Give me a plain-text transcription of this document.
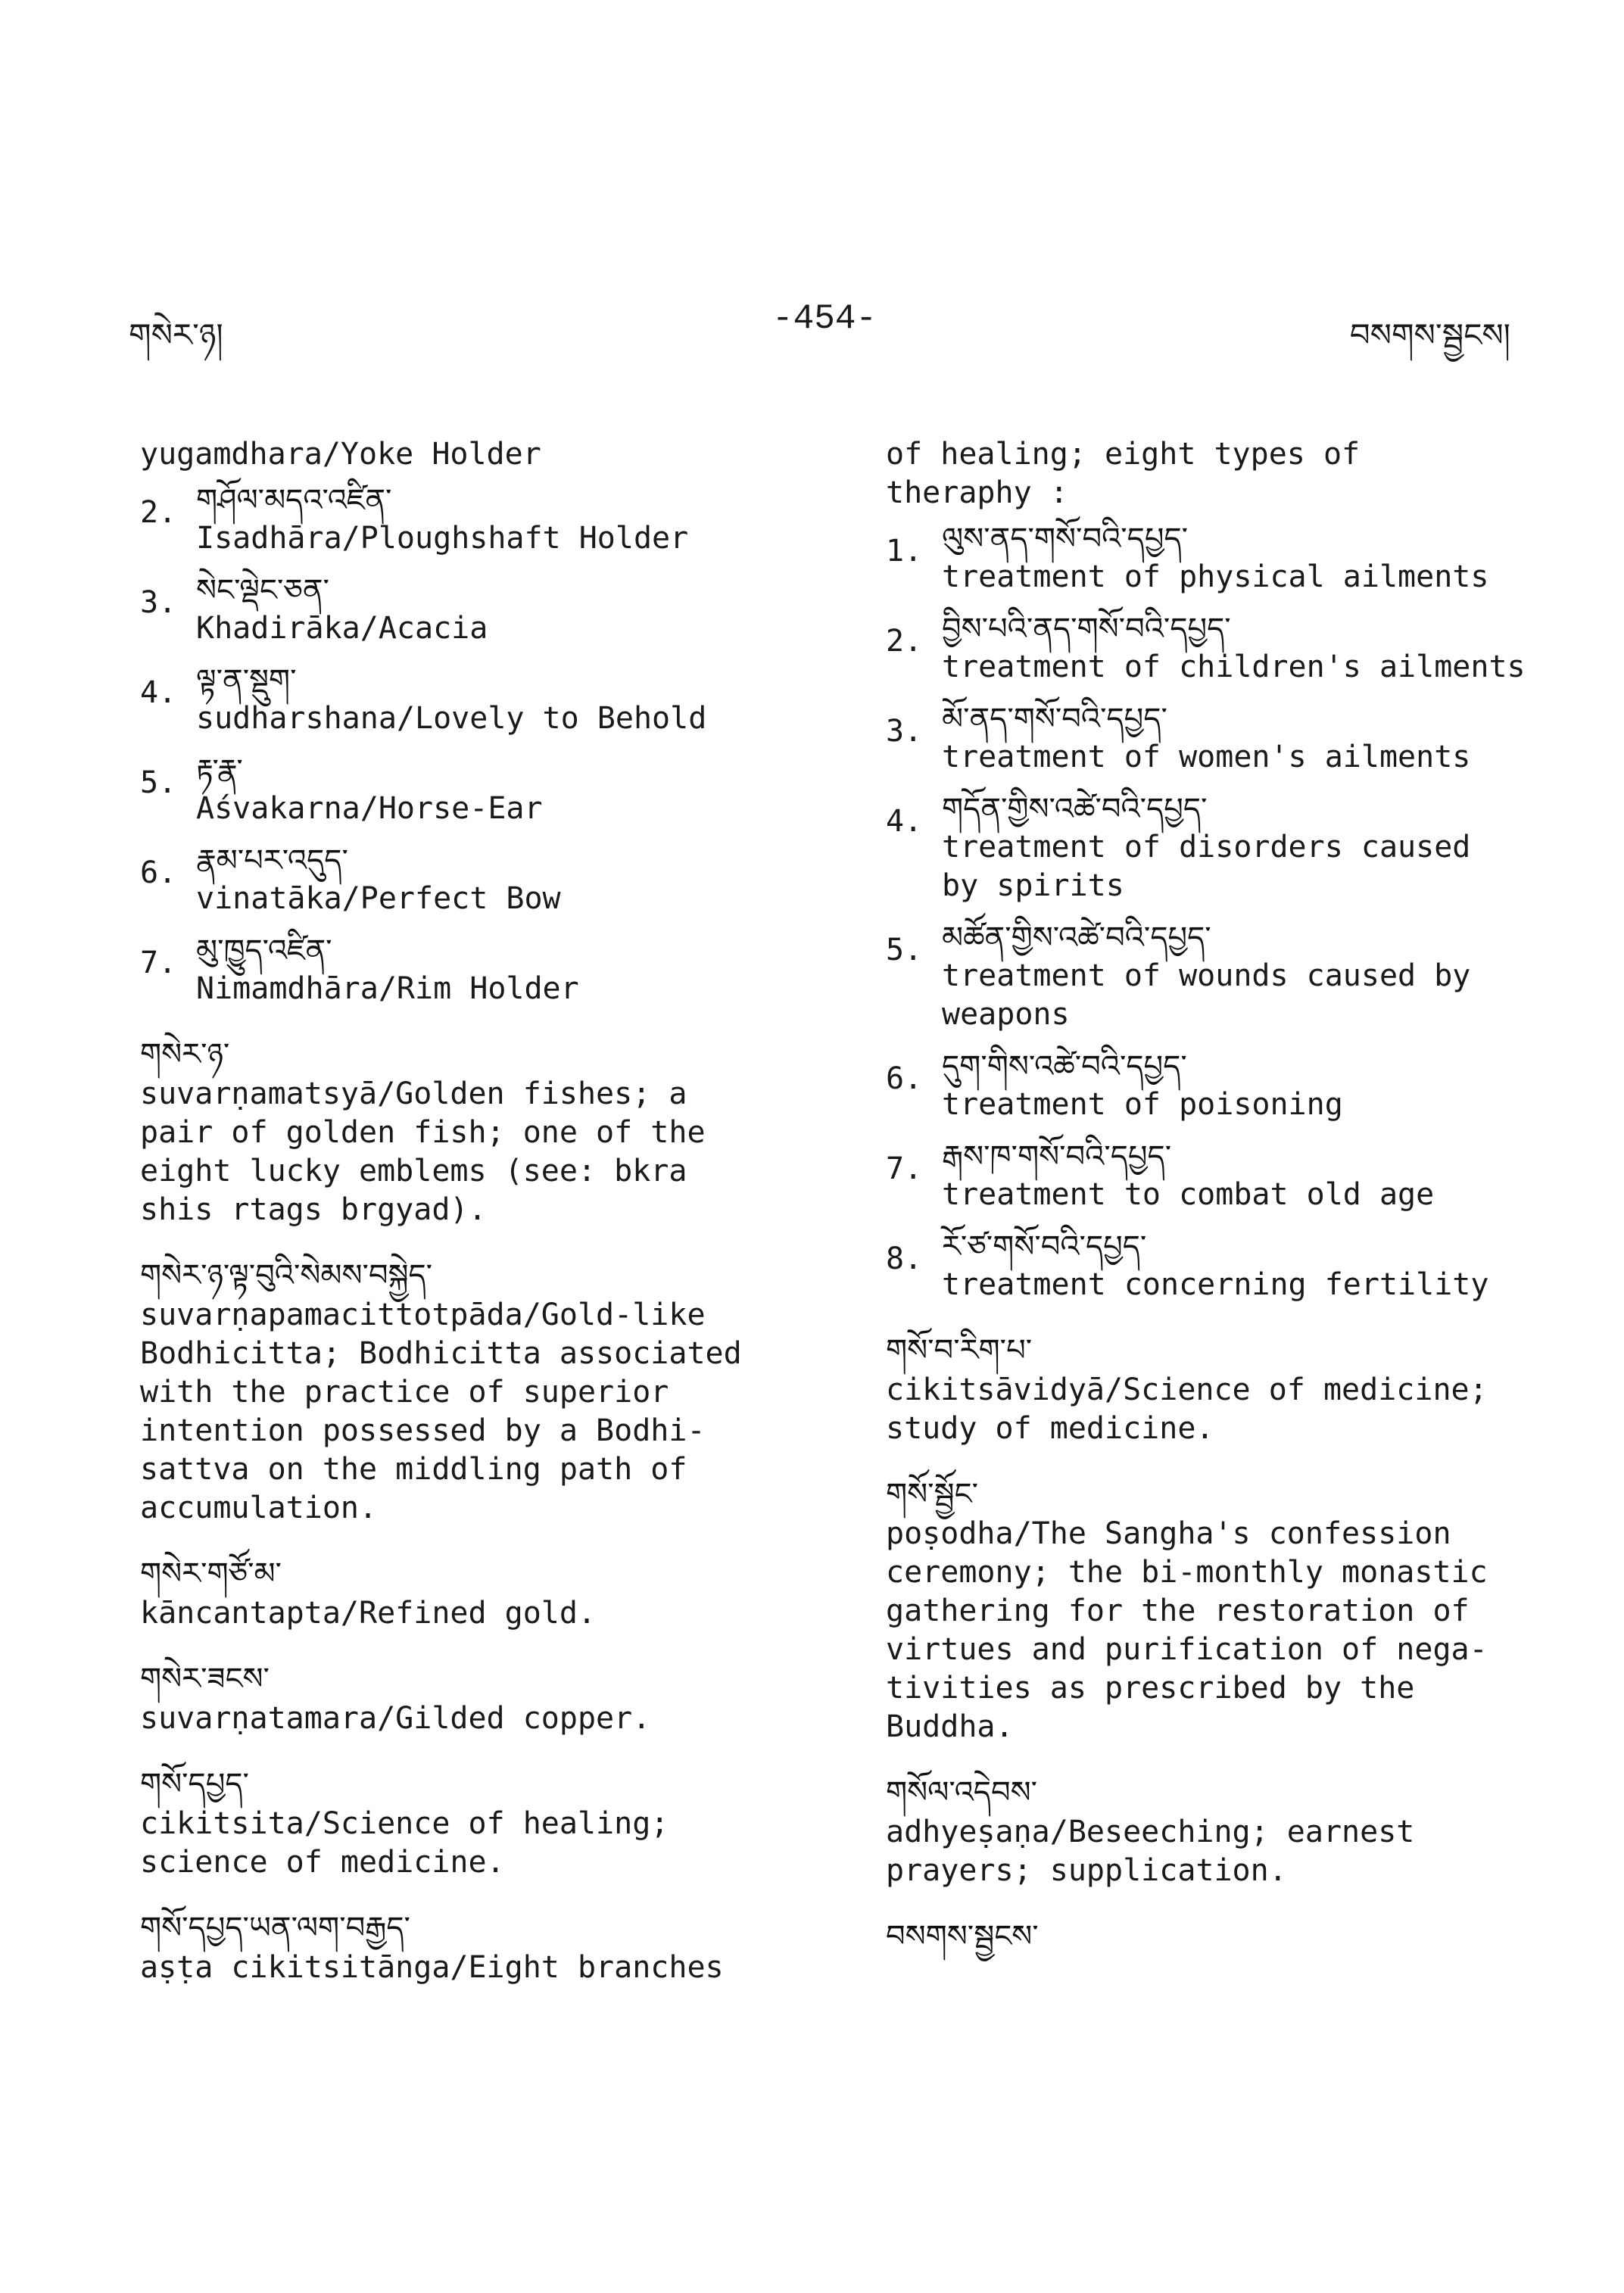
གསེར་ཉ།	-454-	བསགས་སྦྱངས།
yugamdhara/Yoke Holder
2. གཤོལ་མདའ་འཛིན་
Isadhāra/Ploughshaft Holder
3. སེང་ལྡེང་ཅན་
Khadirāka/Acacia
4. ལྟ་ན་སྡུག་
sudharshana/Lovely to Behold
5. རྟ་རྣ་
Aśvakarna/Horse-Ear
6. རྣམ་པར་འདུད་
vinatāka/Perfect Bow
7. མུ་ཁྱུད་འཛིན་
Nimamdhāra/Rim Holder
གསེར་ཉ་
suvarṇamatsyā/Golden fishes; a
pair of golden fish; one of the
eight lucky emblems (see: bkra
shis rtags brgyad).
གསེར་ཉ་ལྟ་བུའི་སེམས་བསྐྱེད་
suvarṇapamacittotpāda/Gold-like
Bodhicitta; Bodhicitta associated
with the practice of superior
intention possessed by a Bodhi-
sattva on the middling path of
accumulation.
གསེར་གཙོ་མ་
kāncantapta/Refined gold.
གསེར་ཟངས་
suvarṇatamara/Gilded copper.
གསོ་དཔྱད་
cikitsita/Science of healing;
science of medicine.
གསོ་དཔྱད་ཡན་ལག་བརྒྱད་
aṣṭa cikitsitānga/Eight branches
of healing; eight types of
theraphy :
1. ལུས་ནད་གསོ་བའི་དཔྱད་
treatment of physical ailments
2. བྱིས་པའི་ནད་གསོ་བའི་དཔྱད་
treatment of children's ailments
3. མོ་ནད་གསོ་བའི་དཔྱད་
treatment of women's ailments
4. གདོན་གྱིས་འཚེ་བའི་དཔྱད་
treatment of disorders caused
by spirits
5. མཚོན་གྱིས་འཚེ་བའི་དཔྱད་
treatment of wounds caused by
weapons
6. དུག་གིས་འཚེ་བའི་དཔྱད་
treatment of poisoning
7. རྒས་ཁ་གསོ་བའི་དཔྱད་
treatment to combat old age
8. རོ་ཙ་གསོ་བའི་དཔྱད་
treatment concerning fertility
གསོ་བ་རིག་པ་
cikitsāvidyā/Science of medicine;
study of medicine.
གསོ་སྦྱོང་
poṣodha/The Sangha's confession
ceremony; the bi-monthly monastic
gathering for the restoration of
virtues and purification of nega-
tivities as prescribed by the
Buddha.
གསོལ་འདེབས་
adhyeṣaṇa/Beseeching; earnest
prayers; supplication.
བསགས་སྦྱངས་
